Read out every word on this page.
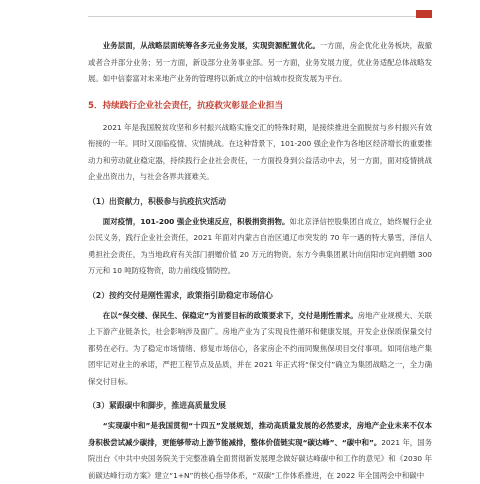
业务层面，从战略层面统筹各多元业务发展，实现资源配置优化。一方面，房企优化业务板块，裁撤或者合并部分业务；另一方面，新设部分业务事业部。另一方面，业务发展力度，优业务适配总体战略发展。如中信泰富对未来地产业务的管理将以新成立的中信城市投资发展为平台。

5．持续践行企业社会责任，抗疫救灾彰显企业担当

2021 年是我国脱贫攻坚和乡村振兴战略实施交汇的特殊时期，是接续推进全面脱贫与乡村振兴有效衔接的一年。同时又面临疫情、灾情挑战。在这种背景下，101-200 强企业作为各地区经济增长的重要推动力和劳动就业稳定器，持续践行企业社会责任，一方面投身到公益活动中去，另一方面，面对疫情挑战企业出资出力，与社会各界共渡难关。

（1）出资献力，积极参与抗疫抗灾活动

面对疫情，101-200 强企业快速反应，积极捐资捐物。如北京泽信控股集团自成立，始终履行企业公民义务，践行企业社会责任，2021 年面对内蒙古自治区通辽市突发的 70 年一遇的特大暴雪，泽信人勇担社会责任，为当地政府有关部门捐赠价值 20 万元的物资。东方今典集团累计向信阳市定向捐赠 300 万元和 10 吨防疫物资，助力前线疫情防控。

（2）按约交付是刚性需求，政策指引助稳定市场信心

在以“保交楼、保民生、保稳定”为首要目标的政策要求下，交付是刚性需求。房地产业规模大、关联上下游产业链条长，社会影响涉及面广。房地产业为了实现良性循环和健康发展，开发企业保质保量交付都势在必行。为了稳定市场情绪、修复市场信心，各家房企不约而同聚焦保项目交付事项。如同信地产集团牢记对业主的承诺，严把工程节点及品质，并在 2021 年正式将“保交付”确立为集团战略之一，全力确保交付目标。

（3）紧跟碳中和脚步，推进高质量发展

“实现碳中和”是我国贯彻“十四五”发展规划，推动高质量发展的必然要求，房地产企业未来不仅本身积极尝试减少碳排，更能够带动上游节能减排，整体价值链实现“碳达峰”、“碳中和”。2021 年，国务院出台《中共中央国务院关于完整准确全面贯彻新发展理念做好碳达峰碳中和工作的意见》和《2030 年前碳达峰行动方案》建立“1+N”的核心指导体系，“双碳”工作体系推进，在 2022 年全国两会中和碳中
